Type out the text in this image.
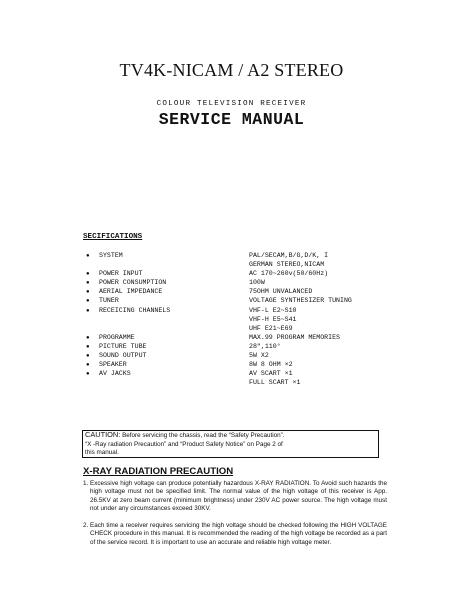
TV4K-NICAM / A2 STEREO
COLOUR TELEVISION RECEIVER
SERVICE MANUAL
SECIFICATIONS
●	SYSTEM	PAL/SECAM,B/G,D/K, I
GERMAN STEREO,NICAM
●	POWER INPUT	AC 170~260v(50/60Hz)
●	POWER CONSUMPTION	100W
●	AERIAL IMPEDANCE	75OHM UNVALANCED
●	TUNER	VOLTAGE SYNTHESIZER TUNING
●	RECEICING CHANNELS	VHF-L E2~S10
VHF-H E5~S41
UHF E21~E69
●	PROGRAMME	MAX.99 PROGRAM MEMORIES
●	PICTURE TUBE	28",110°
●	SOUND OUTPUT	5W X2
●	SPEAKER	8W 8 OHM ×2
●	AV JACKS	AV SCART ×1
FULL SCART ×1
CAUTION: Before servicing the chassis, read the “Safety Precaution”.
“X -Ray radiation Precaution” and “Product Safety Notice” on Page 2 of
this manual.
X-RAY RADIATION PRECAUTION
1. Excessive high voltage can produce potentially hazardous X-RAY RADIATION. To Avoid such hazards the high voltage must not be specified limit. The normal value of the high voltage of this receiver is App. 26.5KV at zero beam current (minimum brightness) under 230V AC power source. The high voltage must not under any circumstances exceed 30KV.
2. Each time a receiver requires servicing the high voltage should be checked following the HIGH VOLTAGE CHECK procedure in this manual. It is recommended the reading of the high voltage be recorded as a part of the service record. It is important to use an accurate and reliable high voltage meter.
